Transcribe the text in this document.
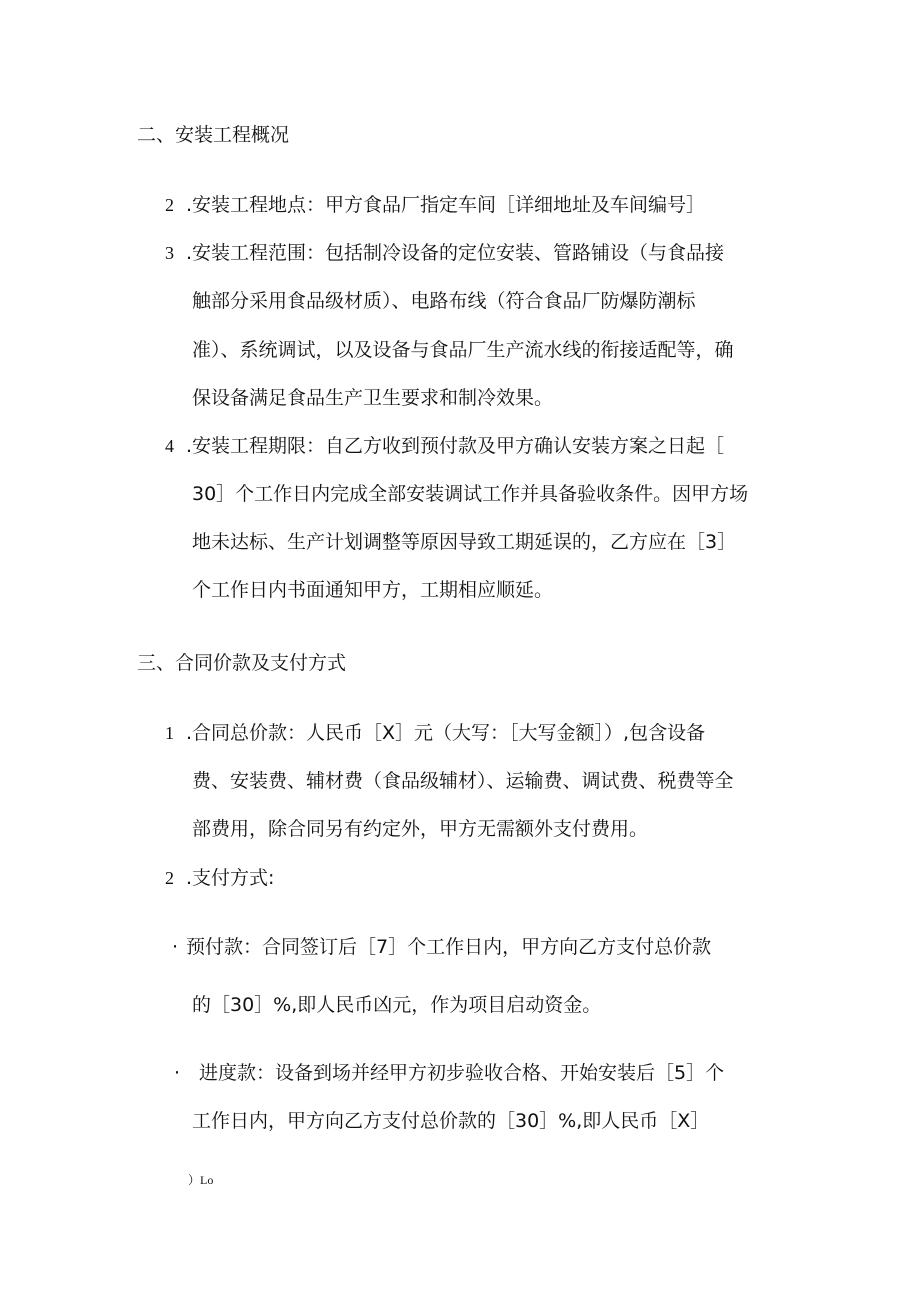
二、安装工程概况
2 .安装工程地点：甲方食品厂指定车间［详细地址及车间编号］
3 .安装工程范围：包括制冷设备的定位安装、管路铺设（与食品接
触部分采用食品级材质）、电路布线（符合食品厂防爆防潮标
准）、系统调试，以及设备与食品厂生产流水线的衔接适配等，确
保设备满足食品生产卫生要求和制冷效果。
4 .安装工程期限：自乙方收到预付款及甲方确认安装方案之日起［
30］个工作日内完成全部安装调试工作并具备验收条件。因甲方场
地未达标、生产计划调整等原因导致工期延误的，乙方应在［3］
个工作日内书面通知甲方，工期相应顺延。
三、合同价款及支付方式
1 .合同总价款：人民币［X］元（大写：［大写金额］）,包含设备
费、安装费、辅材费（食品级辅材）、运输费、调试费、税费等全
部费用，除合同另有约定外，甲方无需额外支付费用。
2 .支付方式:
· 预付款：合同签订后［7］个工作日内，甲方向乙方支付总价款
的［30］%,即人民币凶元，作为项目启动资金。
· 进度款：设备到场并经甲方初步验收合格、开始安装后［5］个
工作日内，甲方向乙方支付总价款的［30］%,即人民币［X］
）Lo
